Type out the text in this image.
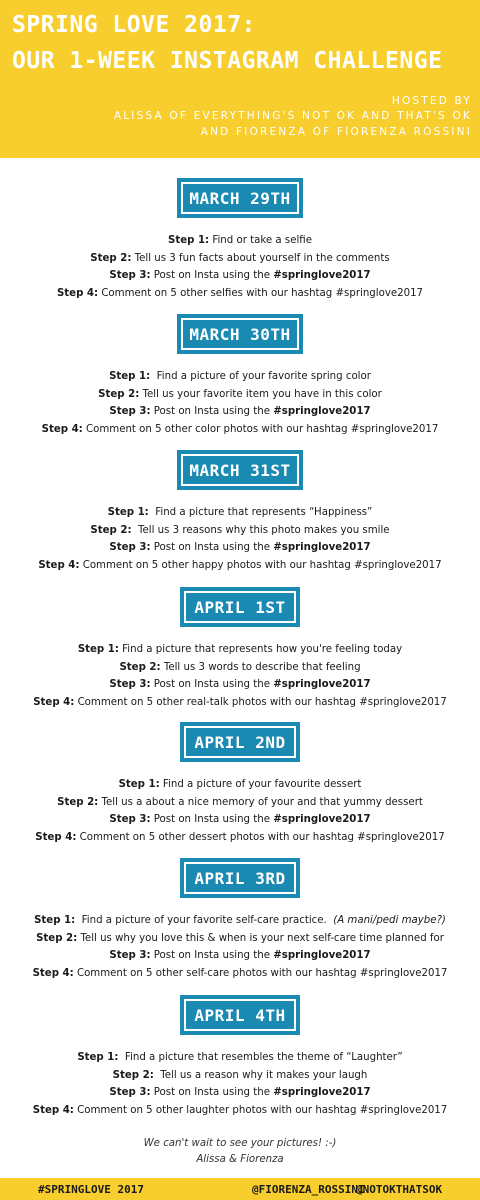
SPRING LOVE 2017:
OUR 1-WEEK INSTAGRAM CHALLENGE
HOSTED BY
ALISSA OF EVERYTHING'S NOT OK AND THAT'S OK
AND FIORENZA OF FIORENZA ROSSINI
MARCH 29TH
Step 1: Find or take a selfie
Step 2: Tell us 3 fun facts about yourself in the comments
Step 3: Post on Insta using the #springlove2017
Step 4: Comment on 5 other selfies with our hashtag #springlove2017
MARCH 30TH
Step 1:  Find a picture of your favorite spring color
Step 2: Tell us your favorite item you have in this color
Step 3: Post on Insta using the #springlove2017
Step 4: Comment on 5 other color photos with our hashtag #springlove2017
MARCH 31ST
Step 1:  Find a picture that represents “Happiness”
Step 2:  Tell us 3 reasons why this photo makes you smile
Step 3: Post on Insta using the #springlove2017
Step 4: Comment on 5 other happy photos with our hashtag #springlove2017
APRIL 1ST
Step 1: Find a picture that represents how you're feeling today
Step 2: Tell us 3 words to describe that feeling
Step 3: Post on Insta using the #springlove2017
Step 4: Comment on 5 other real-talk photos with our hashtag #springlove2017
APRIL 2ND
Step 1: Find a picture of your favourite dessert
Step 2: Tell us a about a nice memory of your and that yummy dessert
Step 3: Post on Insta using the #springlove2017
Step 4: Comment on 5 other dessert photos with our hashtag #springlove2017
APRIL 3RD
Step 1:  Find a picture of your favorite self-care practice.  (A mani/pedi maybe?)
Step 2: Tell us why you love this & when is your next self-care time planned for
Step 3: Post on Insta using the #springlove2017
Step 4: Comment on 5 other self-care photos with our hashtag #springlove2017
APRIL 4TH
Step 1:  Find a picture that resembles the theme of “Laughter”
Step 2:  Tell us a reason why it makes your laugh
Step 3: Post on Insta using the #springlove2017
Step 4: Comment on 5 other laughter photos with our hashtag #springlove2017
We can't wait to see your pictures! :-)
Alissa & Fiorenza
#SPRINGLOVE 2017	@FIORENZA_ROSSINI
@NOTOKTHATSOK
